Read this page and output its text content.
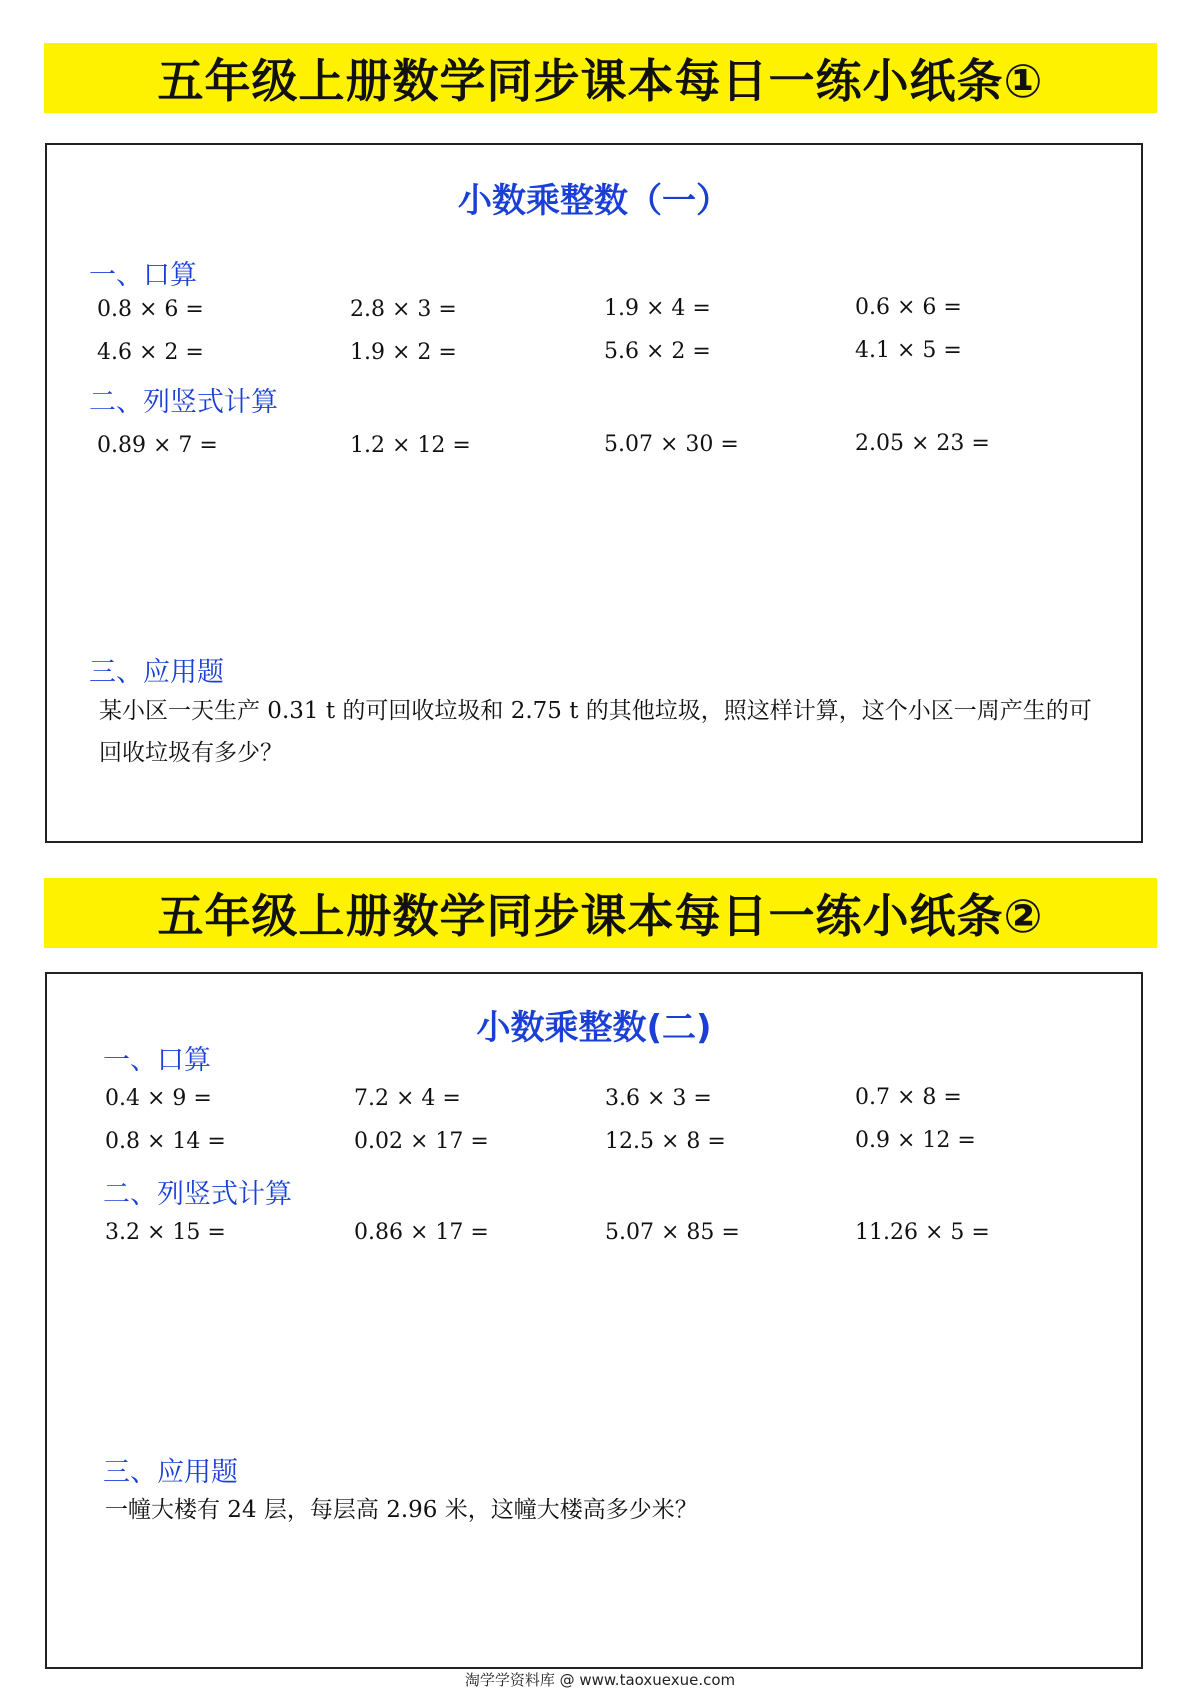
五年级上册数学同步课本每日一练小纸条①
小数乘整数（一）
一、口算
0.8 × 6 =	2.8 × 3 =	1.9 × 4 =	0.6 × 6 =
4.6 × 2 =	1.9 × 2 =	5.6 × 2 =	4.1 × 5 =
二、列竖式计算
0.89 × 7 =	1.2 × 12 =	5.07 × 30 =	2.05 × 23 =
三、应用题
某小区一天生产 0.31 t 的可回收垃圾和 2.75 t 的其他垃圾，照这样计算，这个小区一周产生的可回收垃圾有多少？
五年级上册数学同步课本每日一练小纸条②
小数乘整数(二)
一、口算
0.4 × 9 =	7.2 × 4 =	3.6 × 3 =	0.7 × 8 =
0.8 × 14 =	0.02 × 17 =	12.5 × 8 =	0.9 × 12 =
二、列竖式计算
3.2 × 15 =	0.86 × 17 =	5.07 × 85 =	11.26 × 5 =
三、应用题
一幢大楼有 24 层，每层高 2.96 米，这幢大楼高多少米？
淘学学资料库 @ www.taoxuexue.com
